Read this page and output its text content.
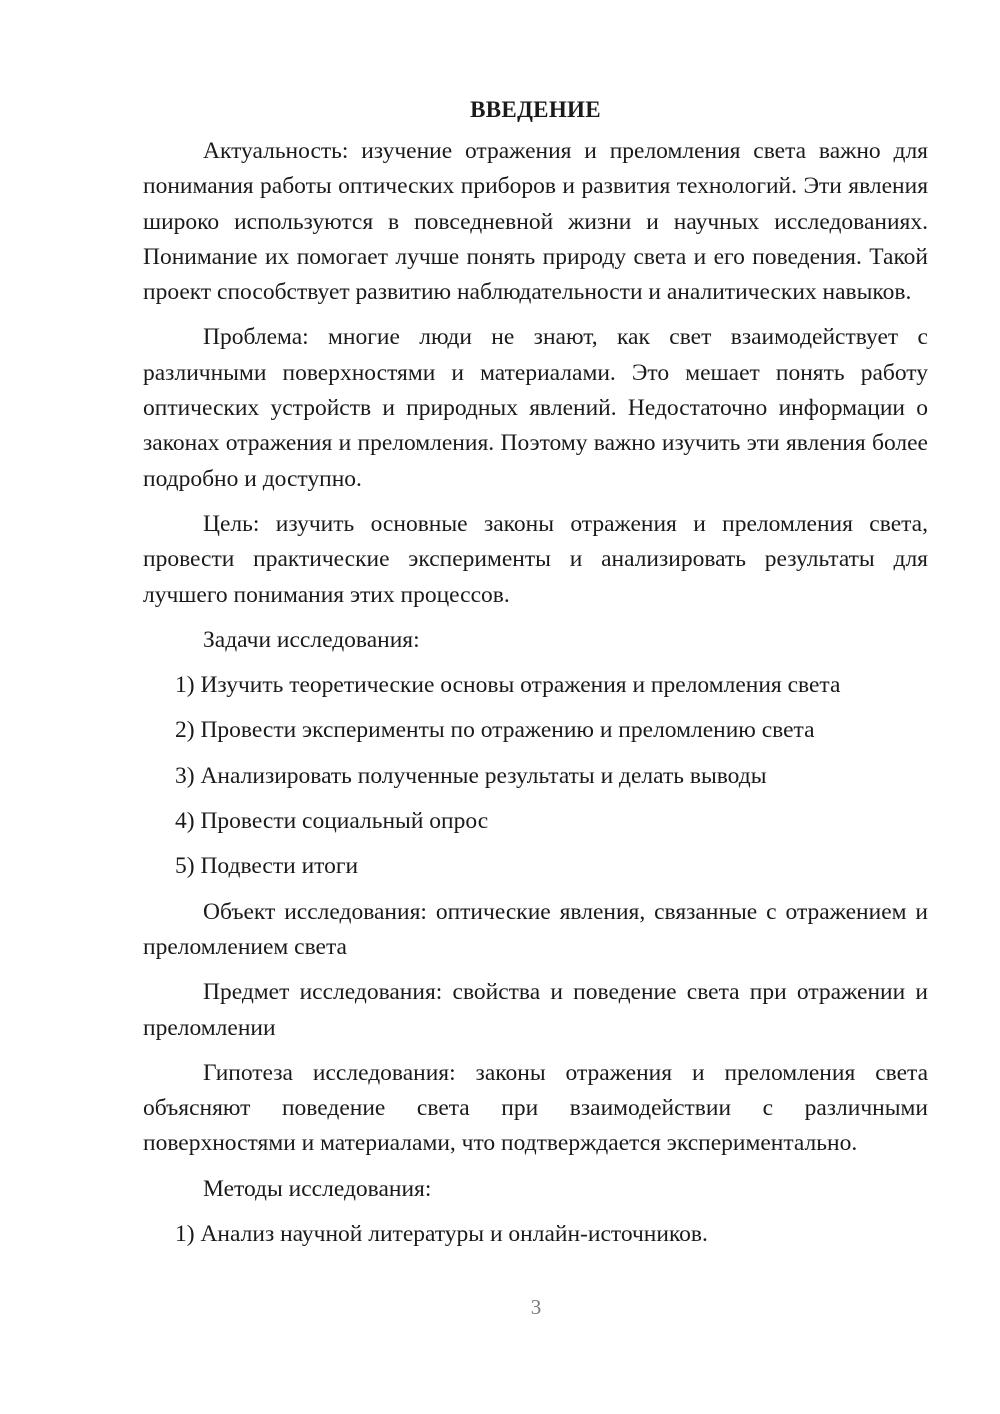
ВВЕДЕНИЕ

Актуальность: изучение отражения и преломления света важно для понимания работы оптических приборов и развития технологий. Эти явления широко используются в повседневной жизни и научных исследованиях. Понимание их помогает лучше понять природу света и его поведения. Такой проект способствует развитию наблюдательности и аналитических навыков.

Проблема: многие люди не знают, как свет взаимодействует с различными поверхностями и материалами. Это мешает понять работу оптических устройств и природных явлений. Недостаточно информации о законах отражения и преломления. Поэтому важно изучить эти явления более подробно и доступно.

Цель: изучить основные законы отражения и преломления света, провести практические эксперименты и анализировать результаты для лучшего понимания этих процессов.

Задачи исследования:

1) Изучить теоретические основы отражения и преломления света
2) Провести эксперименты по отражению и преломлению света
3) Анализировать полученные результаты и делать выводы
4) Провести социальный опрос
5) Подвести итоги

Объект исследования: оптические явления, связанные с отражением и преломлением света

Предмет исследования: свойства и поведение света при отражении и преломлении

Гипотеза исследования: законы отражения и преломления света объясняют поведение света при взаимодействии с различными поверхностями и материалами, что подтверждается экспериментально.

Методы исследования:

1) Анализ научной литературы и онлайн-источников.
3
